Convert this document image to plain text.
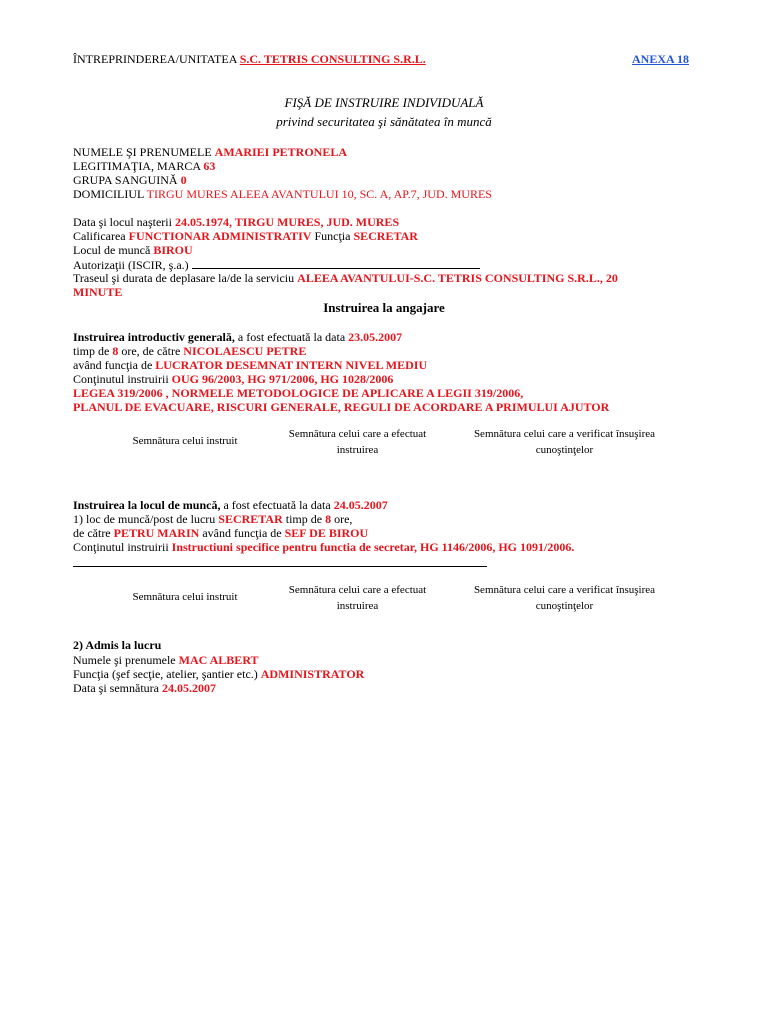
ÎNTREPRINDEREA/UNITATEA S.C. TETRIS CONSULTING S.R.L.	ANEXA 18
FIŞĂ DE INSTRUIRE INDIVIDUALĂ
privind securitatea şi sănătatea în muncă
NUMELE ŞI PRENUMELE AMARIEI PETRONELA
LEGITIMAŢIA, MARCA 63
GRUPA SANGUINĂ 0
DOMICILIUL TIRGU MURES ALEEA AVANTULUI 10, SC. A, AP.7, JUD. MURES
Data şi locul naşterii 24.05.1974, TIRGU MURES, JUD. MURES
Calificarea FUNCTIONAR ADMINISTRATIV Funcţia SECRETAR
Locul de muncă BIROU
Autorizaţii (ISCIR, ş.a.)
Traseul şi durata de deplasare la/de la serviciu ALEEA AVANTULUI-S.C. TETRIS CONSULTING S.R.L., 20
MINUTE
Instruirea la angajare
Instruirea introductiv generală, a fost efectuată la data 23.05.2007
timp de 8 ore, de către NICOLAESCU PETRE
având funcţia de LUCRATOR DESEMNAT INTERN NIVEL MEDIU
Conţinutul instruirii OUG 96/2003, HG 971/2006, HG 1028/2006
LEGEA 319/2006 , NORMELE METODOLOGICE DE APLICARE A LEGII 319/2006,
PLANUL DE EVACUARE, RISCURI GENERALE, REGULI DE ACORDARE A PRIMULUI AJUTOR
Semnătura celui instruit
Semnătura celui care a efectuat
instruirea
Semnătura celui care a verificat însuşirea
cunoştinţelor
Instruirea la locul de muncă, a fost efectuată la data 24.05.2007
1) loc de muncă/post de lucru SECRETAR timp de 8 ore,
de către PETRU MARIN având funcţia de SEF DE BIROU
Conţinutul instruirii Instructiuni specifice pentru functia de secretar, HG 1146/2006, HG 1091/2006.
Semnătura celui instruit
Semnătura celui care a efectuat
instruirea
Semnătura celui care a verificat însuşirea
cunoştinţelor
2) Admis la lucru
Numele şi prenumele MAC ALBERT
Funcţia (şef secţie, atelier, şantier etc.) ADMINISTRATOR
Data şi semnătura 24.05.2007
